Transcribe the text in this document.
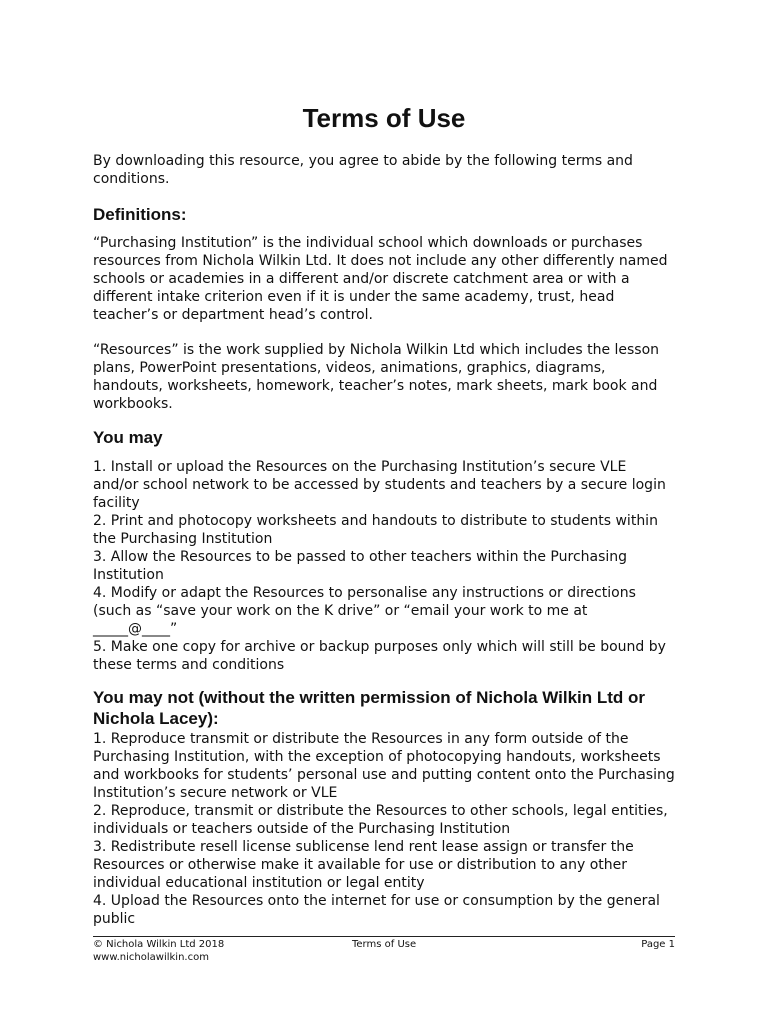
Terms of Use

By downloading this resource, you agree to abide by the following terms and conditions.

Definitions:

“Purchasing Institution” is the individual school which downloads or purchases resources from Nichola Wilkin Ltd. It does not include any other differently named schools or academies in a different and/or discrete catchment area or with a different intake criterion even if it is under the same academy, trust, head teacher’s or department head’s control.

“Resources” is the work supplied by Nichola Wilkin Ltd which includes the lesson plans, PowerPoint presentations, videos, animations, graphics, diagrams, handouts, worksheets, homework, teacher’s notes, mark sheets, mark book and workbooks.

You may
1. Install or upload the Resources on the Purchasing Institution’s secure VLE and/or school network to be accessed by students and teachers by a secure login facility
2. Print and photocopy worksheets and handouts to distribute to students within the Purchasing Institution
3. Allow the Resources to be passed to other teachers within the Purchasing Institution
4. Modify or adapt the Resources to personalise any instructions or directions (such as “save your work on the K drive” or “email your work to me at _____@____”
5. Make one copy for archive or backup purposes only which will still be bound by these terms and conditions
You may not (without the written permission of Nichola Wilkin Ltd or Nichola Lacey):
1. Reproduce transmit or distribute the Resources in any form outside of the Purchasing Institution, with the exception of photocopying handouts, worksheets and workbooks for students’ personal use and putting content onto the Purchasing Institution’s secure network or VLE
2. Reproduce, transmit or distribute the Resources to other schools, legal entities, individuals or teachers outside of the Purchasing Institution
3. Redistribute resell license sublicense lend rent lease assign or transfer the Resources or otherwise make it available for use or distribution to any other individual educational institution or legal entity
4. Upload the Resources onto the internet for use or consumption by the general public
© Nichola Wilkin Ltd 2018
www.nicholawilkin.com
Terms of Use	Page 1
